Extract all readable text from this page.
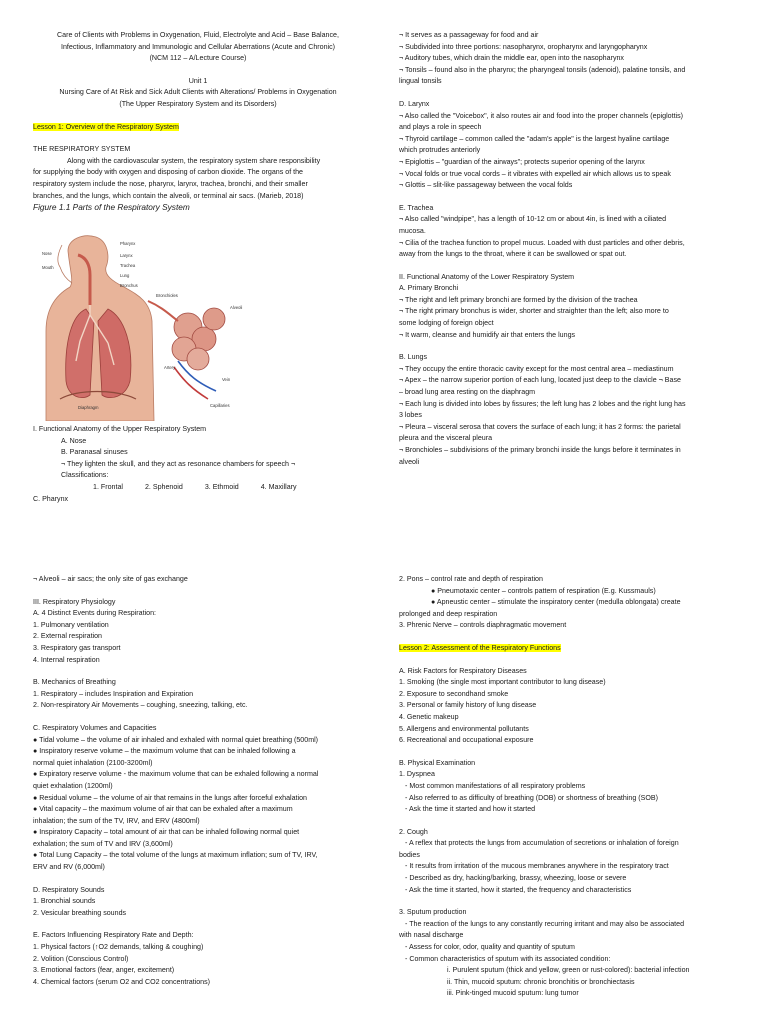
Care of Clients with Problems in Oxygenation, Fluid, Electrolyte and Acid – Base Balance,

Infectious, Inflammatory and Immunologic and Cellular Aberrations (Acute and Chronic)

(NCM 112 – A/Lecture Course)

Unit 1

Nursing Care of At Risk and Sick Adult Clients with Alterations/ Problems in Oxygenation

(The Upper Respiratory System and its Disorders)

Lesson 1: Overview of the Respiratory System

THE RESPIRATORY SYSTEM

Along with the cardiovascular system, the respiratory system share responsibility

for supplying the body with oxygen and disposing of carbon dioxide. The organs of the

respiratory system include the nose, pharynx, larynx, trachea, bronchi, and their smaller

branches, and the lungs, which contain the alveoli, or terminal air sacs. (Marieb, 2018)

Figure 1.1 Parts of the Respiratory System

Pharynx
Nose
Mouth
Larynx
Trachea
Lung
Bronchus
Bronchioles
Alveoli
Artery
Vein
Capillaries
Diaphragm

I. Functional Anatomy of the Upper Respiratory System

A. Nose

B. Paranasal sinuses

¬ They lighten the skull, and they act as resonance chambers for speech ¬

Classifications:

1. Frontal	2. Sphenoid	3. Ethmoid	4. Maxillary

C. Pharynx

¬ It serves as a passageway for food and air

¬ Subdivided into three portions: nasopharynx, oropharynx and laryngopharynx

¬ Auditory tubes, which drain the middle ear, open into the nasopharynx

¬ Tonsils – found also in the pharynx; the pharyngeal tonsils (adenoid), palatine tonsils, and

lingual tonsils

D. Larynx

¬ Also called the "Voicebox", it also routes air and food into the proper channels (epiglottis)

and plays a role in speech

¬ Thyroid cartilage – common called the "adam's apple" is the largest hyaline cartilage

which protrudes anteriorly

¬ Epiglottis – "guardian of the airways"; protects superior opening of the larynx

¬ Vocal folds or true vocal cords – it vibrates with expelled air which allows us to speak

¬ Glottis – slit-like passageway between the vocal folds

E. Trachea

¬ Also called "windpipe", has a length of 10-12 cm or about 4in, is lined with a ciliated

mucosa.

¬ Cilia of the trachea function to propel mucus. Loaded with dust particles and other debris,

away from the lungs to the throat, where it can be swallowed or spat out.

II. Functional Anatomy of the Lower Respiratory System

A. Primary Bronchi

¬ The right and left primary bronchi are formed by the division of the trachea

¬ The right primary bronchus is wider, shorter and straighter than the left; also more to

some lodging of foreign object

¬ It warm, cleanse and humidify air that enters the lungs

B. Lungs

¬ They occupy the entire thoracic cavity except for the most central area – mediastinum

¬ Apex – the narrow superior portion of each lung, located just deep to the clavicle ¬ Base

– broad lung area resting on the diaphragm

¬ Each lung is divided into lobes by fissures; the left lung has 2 lobes and the right lung has

3 lobes

¬ Pleura – visceral serosa that covers the surface of each lung; it has 2 forms: the parietal

pleura and the visceral pleura

¬ Bronchioles – subdivisions of the primary bronchi inside the lungs before it terminates in

alveoli

¬ Alveoli – air sacs; the only site of gas exchange

III. Respiratory Physiology

A. 4 Distinct Events during Respiration:

1. Pulmonary ventilation

2. External respiration

3. Respiratory gas transport

4. Internal respiration

B. Mechanics of Breathing

1. Respiratory – includes Inspiration and Expiration

2. Non-respiratory Air Movements – coughing, sneezing, talking, etc.

C. Respiratory Volumes and Capacities

● Tidal volume – the volume of air inhaled and exhaled with normal quiet breathing (500ml)

● Inspiratory reserve volume – the maximum volume that can be inhaled following a

normal quiet inhalation (2100-3200ml)

● Expiratory reserve volume - the maximum volume that can be exhaled following a normal

quiet exhalation (1200ml)

● Residual volume – the volume of air that remains in the lungs after forceful exhalation

● Vital capacity – the maximum volume of air that can be exhaled after a maximum

inhalation; the sum of the TV, IRV, and ERV (4800ml)

● Inspiratory Capacity – total amount of air that can be inhaled following normal quiet

exhalation; the sum of TV and IRV (3,600ml)

● Total Lung Capacity – the total volume of the lungs at maximum inflation; sum of TV, IRV,

ERV and RV (6,000ml)

D. Respiratory Sounds

1. Bronchial sounds

2. Vesicular breathing sounds

E. Factors Influencing Respiratory Rate and Depth:

1. Physical factors (↑O2 demands, talking & coughing)

2. Volition (Conscious Control)

3. Emotional factors (fear, anger, excitement)

4. Chemical factors (serum O2 and CO2 concentrations)

2. Pons – control rate and depth of respiration

● Pneumotaxic center – controls pattern of respiration (E.g. Kussmauls)

● Apneustic center – stimulate the inspiratory center (medulla oblongata) create

prolonged and deep respiration

3. Phrenic Nerve – controls diaphragmatic movement

Lesson 2: Assessment of the Respiratory Functions

A. Risk Factors for Respiratory Diseases

1. Smoking (the single most important contributor to lung disease)

2. Exposure to secondhand smoke

3. Personal or family history of lung disease

4. Genetic makeup

5. Allergens and environmental pollutants

6. Recreational and occupational exposure

B. Physical Examination

1. Dyspnea

- Most common manifestations of all respiratory problems

- Also referred to as difficulty of breathing (DOB) or shortness of breathing (SOB)

- Ask the time it started and how it started

2. Cough

- A reflex that protects the lungs from accumulation of secretions or inhalation of foreign

bodies

- It results from irritation of the mucous membranes anywhere in the respiratory tract

- Described as dry, hacking/barking, brassy, wheezing, loose or severe

- Ask the time it started, how it started, the frequency and characteristics

3. Sputum production

- The reaction of the lungs to any constantly recurring irritant and may also be associated

with nasal discharge

- Assess for color, odor, quality and quantity of sputum

- Common characteristics of sputum with its associated condition:

i. Purulent sputum (thick and yellow, green or rust-colored): bacterial infection

ii. Thin, mucoid sputum: chronic bronchitis or bronchiectasis

iii. Pink-tinged mucoid sputum: lung tumor
